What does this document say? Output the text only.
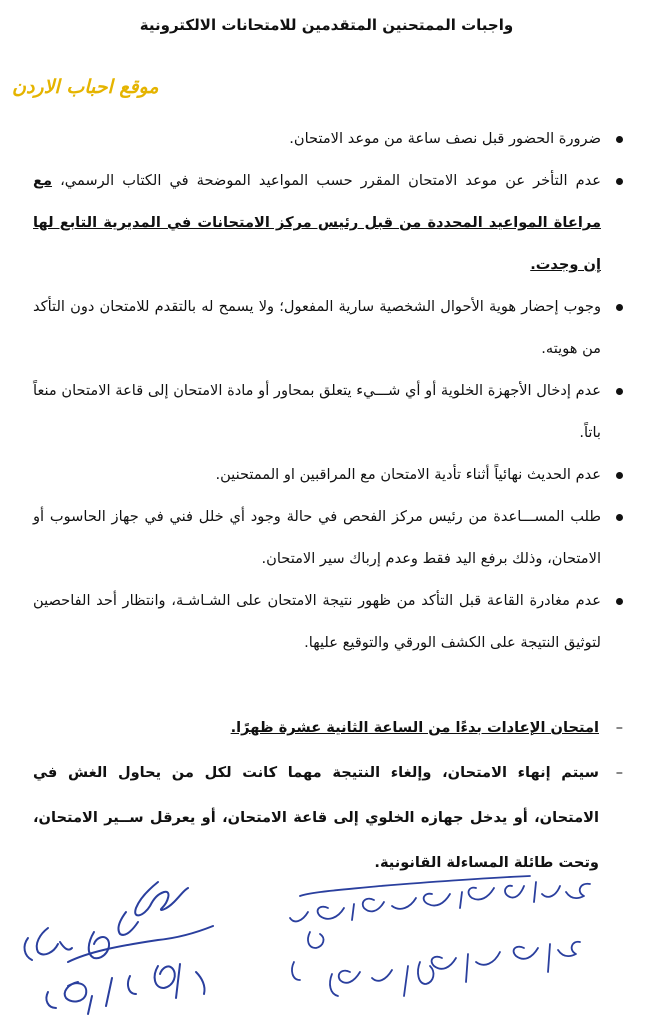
واجبات الممتحنين المتقدمين للامتحانات الالكترونية
موقع احباب الاردن
ضرورة الحضور قبل نصف ساعة من موعد الامتحان.
عدم التأخر عن موعد الامتحان المقرر حسب المواعيد الموضحة في الكتاب الرسمي، مع مراعاة المواعيد المحددة من قبل رئيس مركز الامتحانات في المديرية التابع لها إن وجدت.
وجوب إحضار هوية الأحوال الشخصية سارية المفعول؛ ولا يسمح له بالتقدم للامتحان دون التأكد من هويته.
عدم إدخال الأجهزة الخلوية أو أي شـــيء يتعلق بمحاور أو مادة الامتحان إلى قاعة الامتحان منعاً باتاً.
عدم الحديث نهائياً أثناء تأدية الامتحان مع المراقبين او الممتحنين.
طلب المســـاعدة من رئيس مركز الفحص في حالة وجود أي خلل فني في جهاز الحاسوب أو الامتحان، وذلك برفع اليد فقط وعدم إرباك سير الامتحان.
عدم مغادرة القاعة قبل التأكد من ظهور نتيجة الامتحان على الشـاشـة، وانتظار أحد الفاحصين لتوثيق النتيجة على الكشف الورقي والتوقيع عليها.
–
امتحان الإعادات بدءًا من الساعة الثانية عشرة ظهرًا.
–
سيتم إنهاء الامتحان، وإلغاء النتيجة مهما كانت لكل من يحاول الغش في الامتحان، أو يدخل جهازه الخلوي إلى قاعة الامتحان، أو يعرقل ســير الامتحان، وتحت طائلة المساءلة القانونية.
